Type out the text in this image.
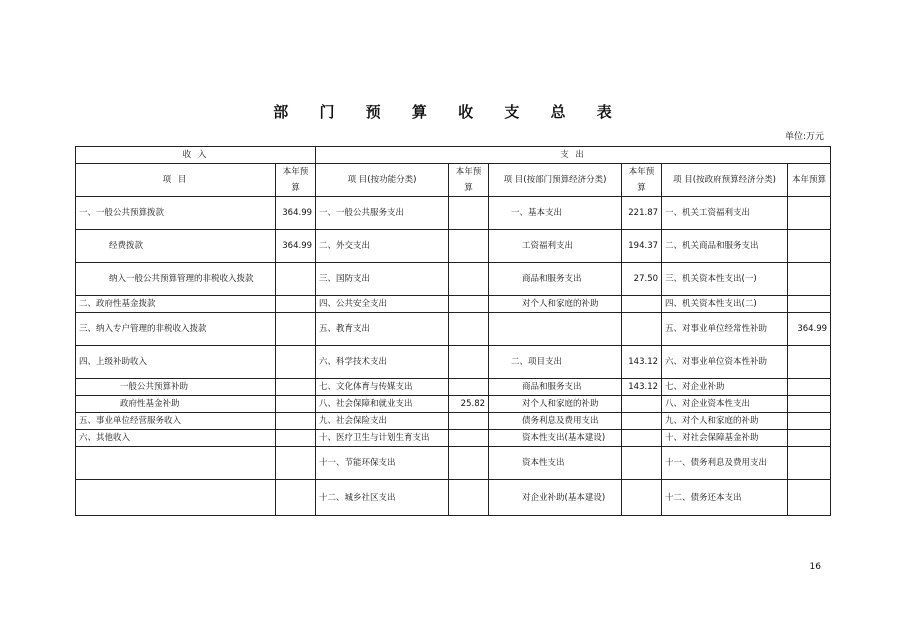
部 门 预 算 收 支 总 表
单位:万元
收 入		支 出					
项 目	本年预算	项 目(按功能分类)	本年预算	项 目(按部门预算经济分类)	本年预算	项 目(按政府预算经济分类)	本年预算
一、一般公共预算拨款	364.99	一、一般公共服务支出		一、基本支出	221.87	一、机关工资福利支出	
经费拨款	364.99	二、外交支出		工资福利支出	194.37	二、机关商品和服务支出	
纳入一般公共预算管理的非税收入拨款		三、国防支出		商品和服务支出	27.50	三、机关资本性支出(一)	
二、政府性基金拨款		四、公共安全支出		对个人和家庭的补助		四、机关资本性支出(二)	
三、纳入专户管理的非税收入拨款		五、教育支出				五、对事业单位经常性补助	364.99
四、上级补助收入		六、科学技术支出		二、项目支出	143.12	六、对事业单位资本性补助	
一般公共预算补助		七、文化体育与传媒支出		商品和服务支出	143.12	七、对企业补助	
政府性基金补助		八、社会保障和就业支出	25.82	对个人和家庭的补助		八、对企业资本性支出	
五、事业单位经营服务收入		九、社会保险支出		债务利息及费用支出		九、对个人和家庭的补助	
六、其他收入		十、医疗卫生与计划生育支出		资本性支出(基本建设)		十、对社会保障基金补助	
		十一、节能环保支出		资本性支出		十一、债务利息及费用支出	
		十二、城乡社区支出		对企业补助(基本建设)		十二、债务还本支出	
16
